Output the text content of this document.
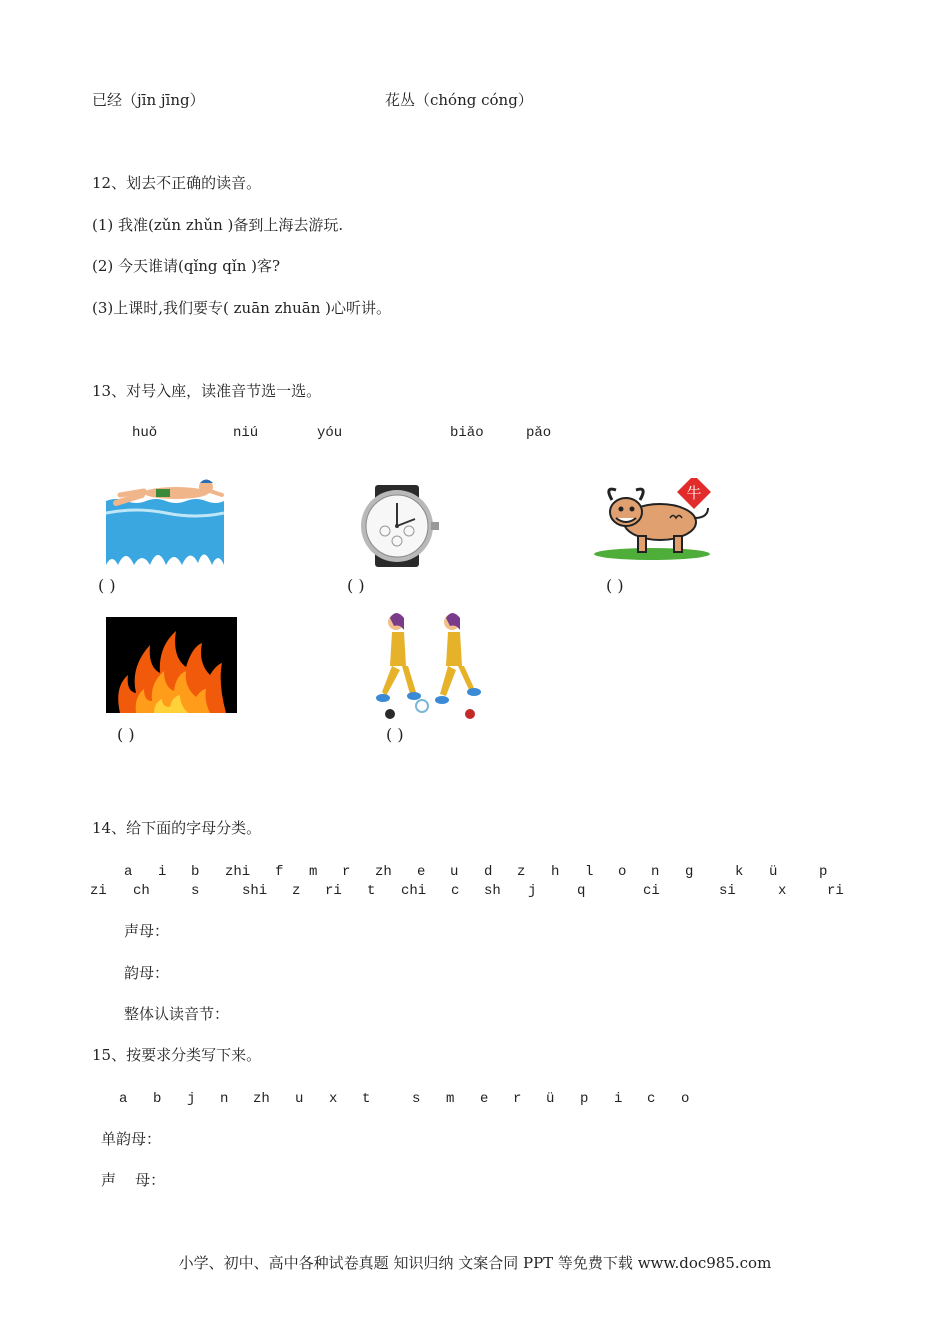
已经（jīn jīng）	花丛（chóng cóng）
12、划去不正确的读音。
(1) 我准(zǔn zhǔn )备到上海去游玩.
(2) 今天谁请(qǐng qǐn )客?
(3)上课时,我们要专( zuān zhuān )心听讲。
13、对号入座，读准音节选一选。
huǒ	niú	yóu	biǎo	pǎo
牛
( )	( )	( )
( )	( )
14、给下面的字母分类。
a i b zhi f m r zh e u d z h l o n g	k ü	p
zi ch	s	shi z ri t chi c sh j	q	ci	si	x	ri
声母：
韵母：
整体认读音节：
15、按要求分类写下来。
a b j n zh u x t	s m e r ü p i c o
单韵母：
声    母：
小学、初中、高中各种试卷真题 知识归纳 文案合同 PPT 等免费下载 www.doc985.com
